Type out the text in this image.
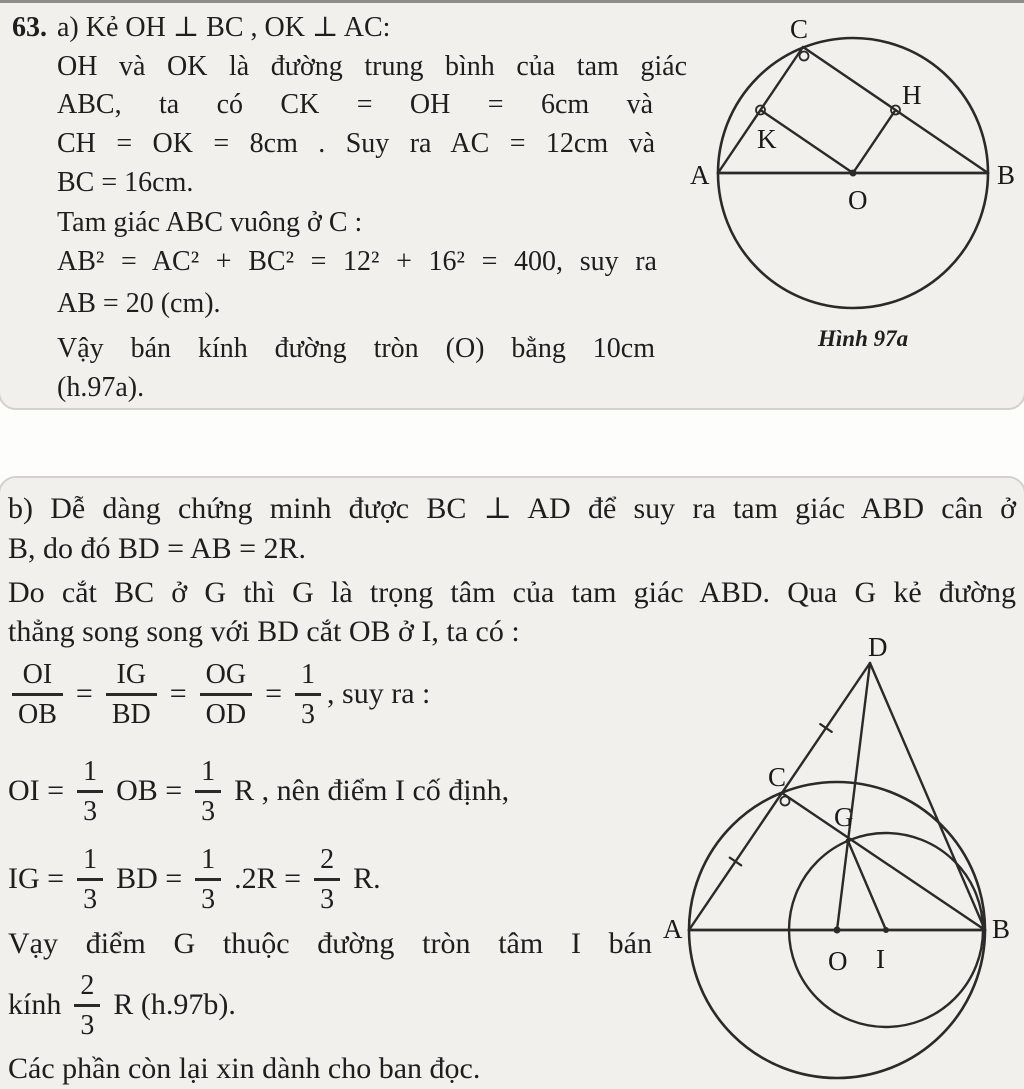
63. a) Kẻ OH ⊥ BC , OK ⊥ AC:
OH và OK là đường trung bình của tam giác
ABC, ta có CK = OH = 6cm và
CH = OK = 8cm . Suy ra AC = 12cm và
BC = 16cm.
Tam giác ABC vuông ở C :
AB² = AC² + BC² = 12² + 16² = 400, suy ra
AB = 20 (cm).
Vậy bán kính đường tròn (O) bằng 10cm
(h.97a).
A	B
C
H
K
O
Hình 97a
b) Dễ dàng chứng minh được BC ⊥ AD để suy ra tam giác ABD cân ở
B, do đó BD = AB = 2R.
Do cắt BC ở G thì G là trọng tâm của tam giác ABD. Qua G kẻ đường
thẳng song song với BD cắt OB ở I, ta có :
$\frac{OI}{OB} = \frac{IG}{BD} = \frac{OG}{OD} = \frac{1}{3}$ , suy ra :
OI = $\frac{1}{3}$ OB = $\frac{1}{3}$ R , nên điểm I cố định,
IG = $\frac{1}{3}$ BD = $\frac{1}{3} .2R = \frac{2}{3} R$.
Vạy điểm G thuộc đường tròn tâm I bán
kính $\frac{2}{3}$ R (h.97b).
Các phần còn lại xin dành cho ban đọc.
D
C
G
A	B
O I
